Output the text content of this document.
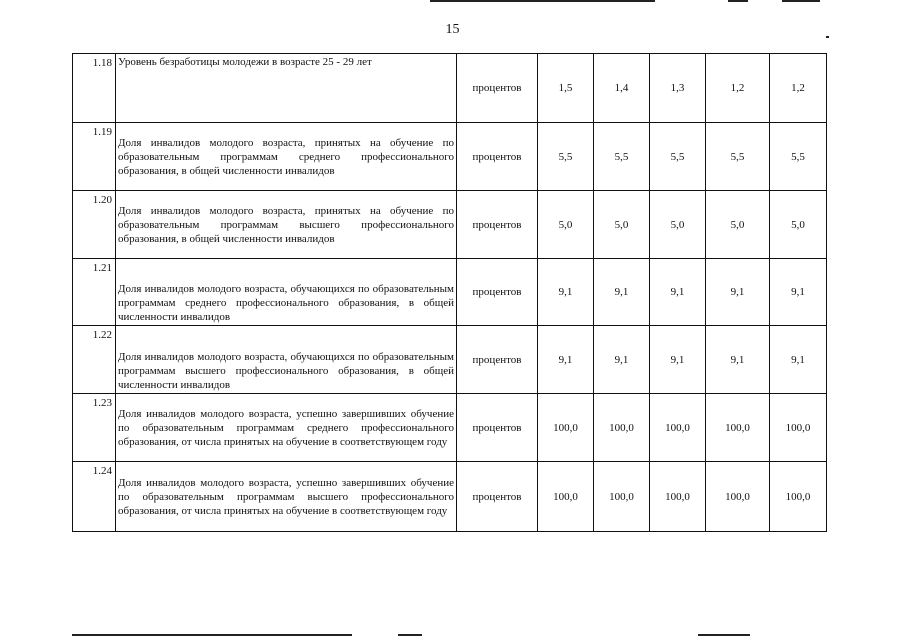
15
1.18	Уровень безработицы молодежи в возрасте 25 - 29 лет	процентов	1,5	1,4	1,3	1,2	1,2
1.19	Доля инвалидов молодого возраста, принятых на обучение по образовательным программам среднего профессионального образования, в общей численности инвалидов	процентов	5,5	5,5	5,5	5,5	5,5
1.20	Доля инвалидов молодого возраста, принятых на обучение по образовательным программам высшего профессионального образования, в общей численности инвалидов	процентов	5,0	5,0	5,0	5,0	5,0
1.21	Доля инвалидов молодого возраста, обучающихся по образовательным программам среднего профессионального образования, в общей численности инвалидов	процентов	9,1	9,1	9,1	9,1	9,1
1.22	Доля инвалидов молодого возраста, обучающихся по образовательным программам высшего профессионального образования, в общей численности инвалидов	процентов	9,1	9,1	9,1	9,1	9,1
1.23	Доля инвалидов молодого возраста, успешно завершивших обучение по образовательным программам среднего профессионального образования, от числа принятых на обучение в соответствующем году	процентов	100,0	100,0	100,0	100,0	100,0
1.24	Доля инвалидов молодого возраста, успешно завершивших обучение по образовательным программам высшего профессионального образования, от числа принятых на обучение в соответствующем году	процентов	100,0	100,0	100,0	100,0	100,0
